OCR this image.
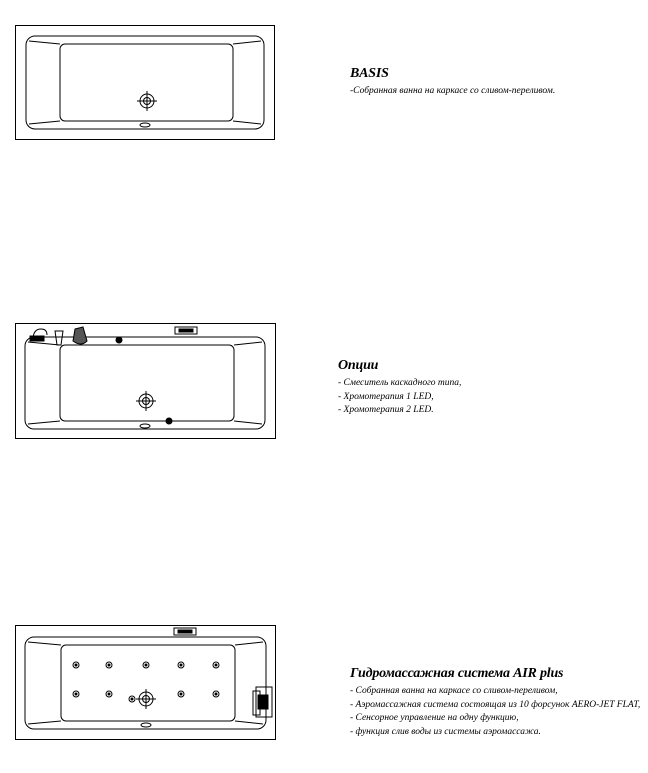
BASIS
-Собранная ванна на каркасе со сливом-переливом.
Опции
- Смеситель каскадного типа,
- Хромотерапия 1 LED,
- Хромотерапия 2 LED.
Гидромассажная система AIR plus
- Собранная ванна на каркасе со сливом-переливом,
- Аэромассажная система состоящая из 10 форсунок AERO-JET FLAT,
- Сенсорное управление на одну функцию,
- функция слив воды из системы аэромассажа.
